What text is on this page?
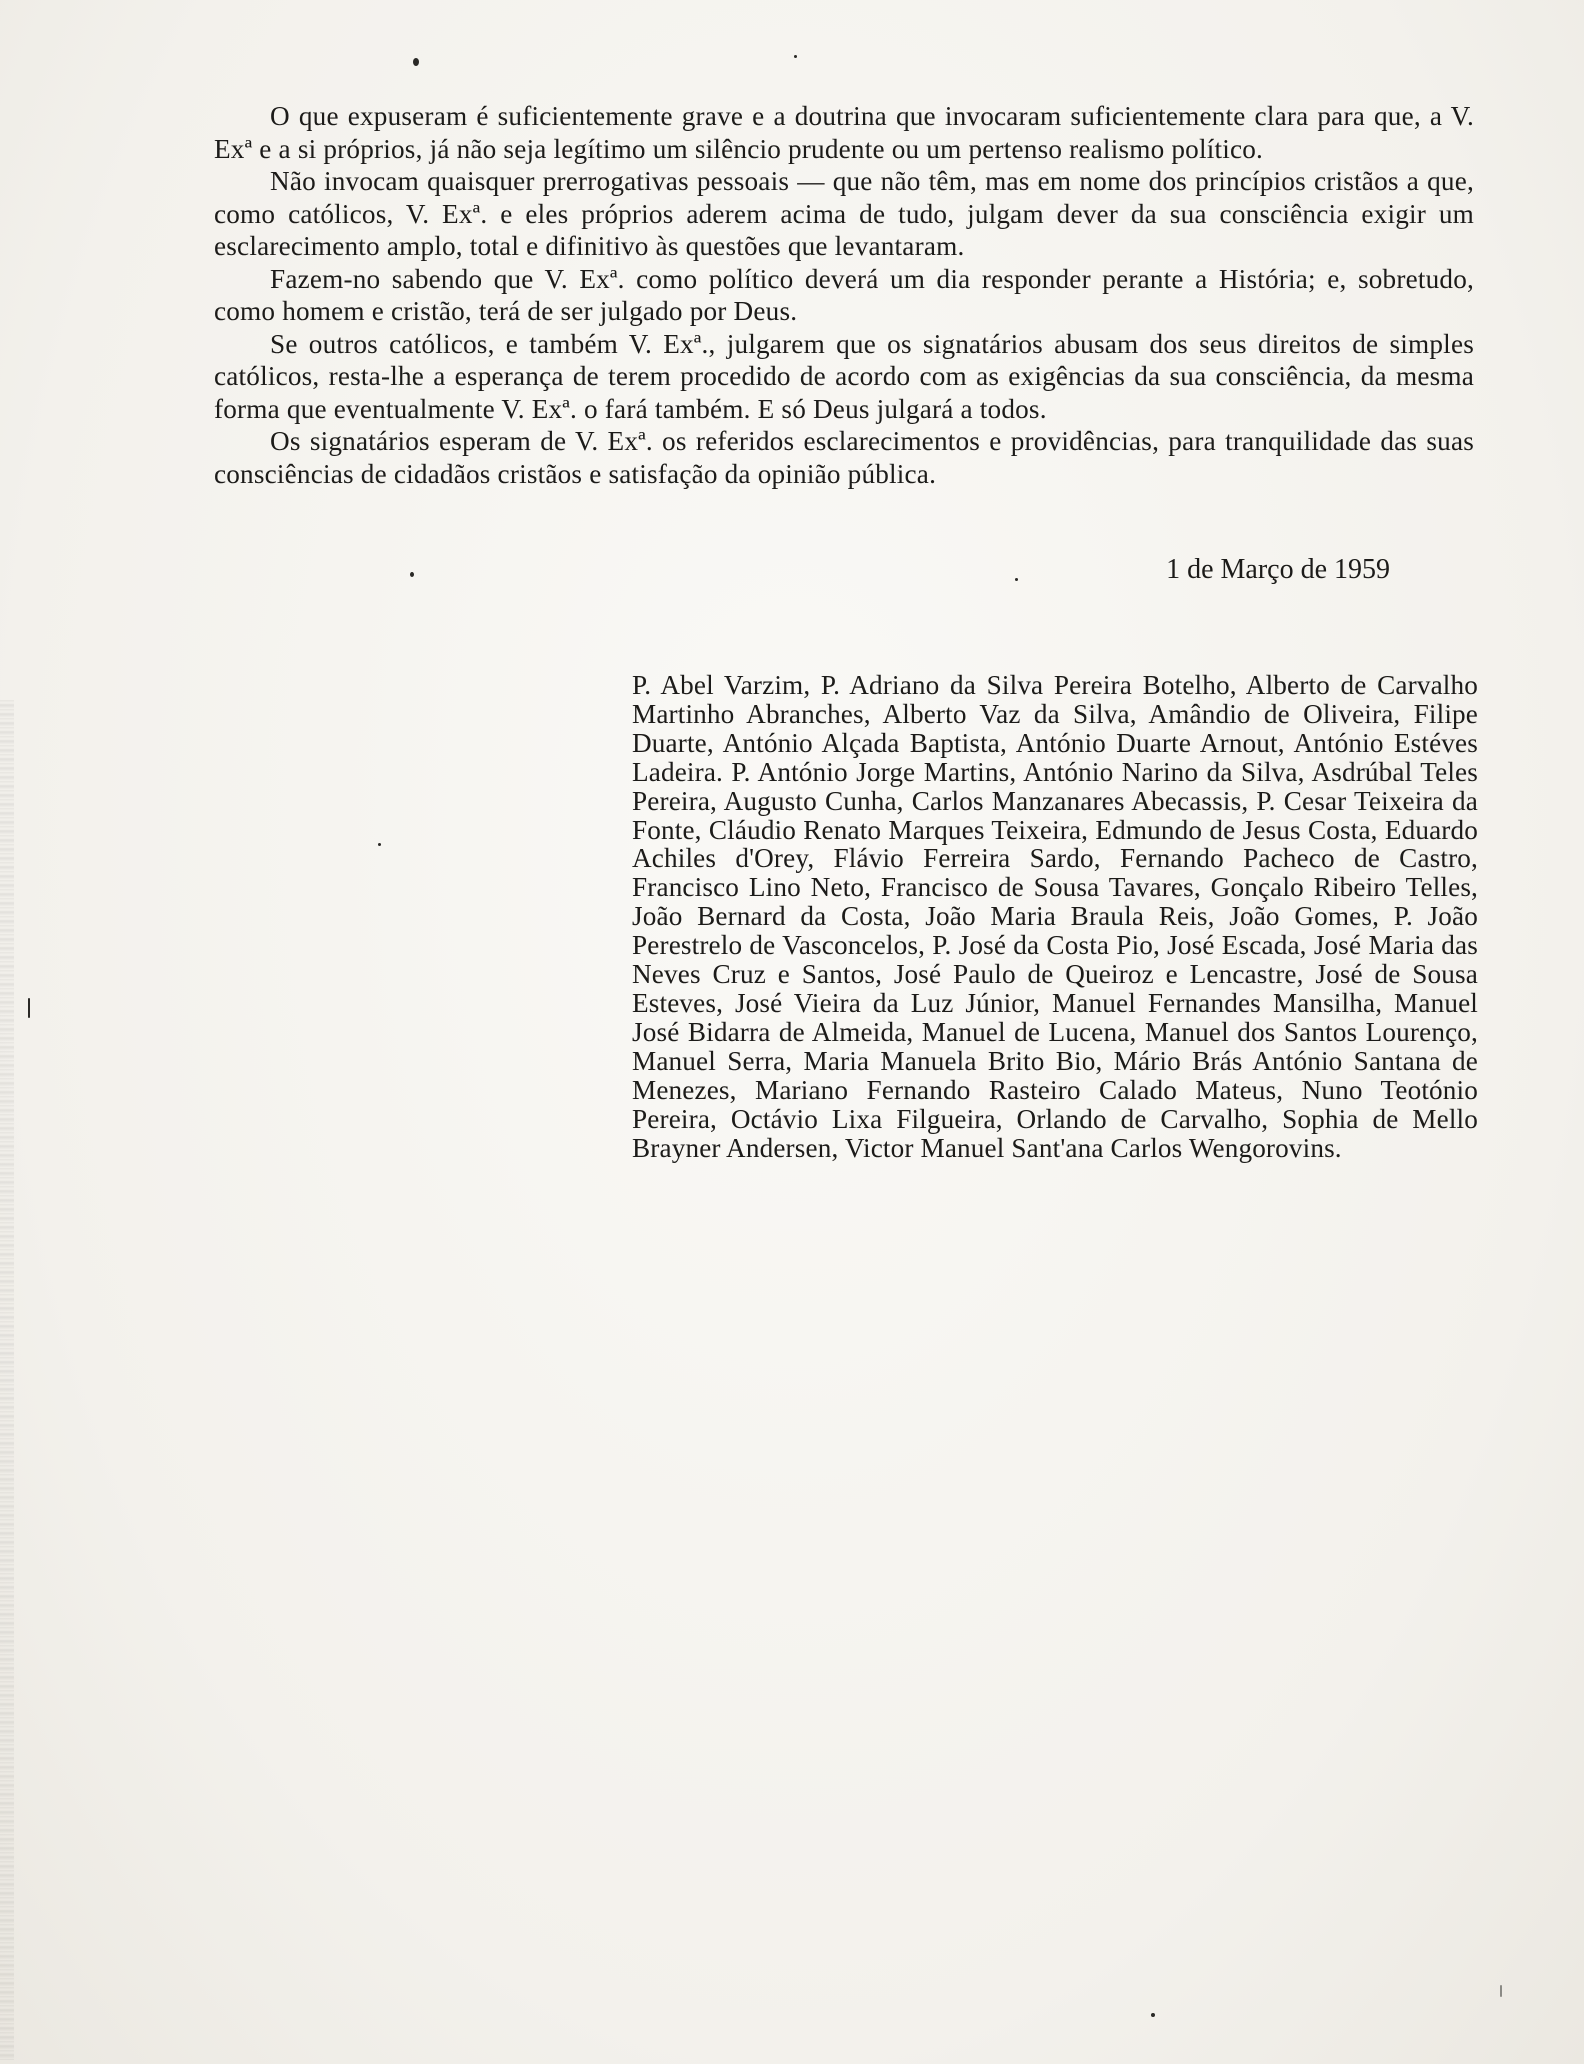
O que expuseram é suficientemente grave e a doutrina que invocaram suficientemente clara para que, a V. Exª e a si próprios, já não seja legítimo um silêncio prudente ou um pertenso realismo político.

Não invocam quaisquer prerrogativas pessoais — que não têm, mas em nome dos princípios cristãos a que, como católicos, V. Exª. e eles próprios aderem acima de tudo, julgam dever da sua consciência exigir um esclarecimento amplo, total e difinitivo às questões que levantaram.

Fazem-no sabendo que V. Exª. como político deverá um dia responder perante a História; e, sobretudo, como homem e cristão, terá de ser julgado por Deus.

Se outros católicos, e também V. Exª., julgarem que os signatários abusam dos seus direitos de simples católicos, resta-lhe a esperança de terem procedido de acordo com as exigências da sua consciência, da mesma forma que eventualmente V. Exª. o fará também. E só Deus julgará a todos.

Os signatários esperam de V. Exª. os referidos esclarecimentos e providências, para tranquilidade das suas consciências de cidadãos cristãos e satisfação da opinião pública.

1 de Março de 1959
P. Abel Varzim, P. Adriano da Silva Pereira Botelho, Alberto de Carvalho Martinho Abranches, Alberto Vaz da Silva, Amândio de Oliveira, Filipe Duarte, António Alçada Baptista, António Duarte Arnout, António Estéves Ladeira. P. António Jorge Martins, António Narino da Silva, Asdrúbal Teles Pereira, Augusto Cunha, Carlos Manzanares Abecassis, P. Cesar Teixeira da Fonte, Cláudio Renato Marques Teixeira, Edmundo de Jesus Costa, Eduardo Achiles d'Orey, Flávio Ferreira Sardo, Fernando Pacheco de Castro, Francisco Lino Neto, Francisco de Sousa Tavares, Gonçalo Ribeiro Telles, João Bernard da Costa, João Maria Braula Reis, João Gomes, P. João Perestrelo de Vasconcelos, P. José da Costa Pio, José Escada, José Maria das Neves Cruz e Santos, José Paulo de Queiroz e Lencastre, José de Sousa Esteves, José Vieira da Luz Júnior, Manuel Fernandes Mansilha, Manuel José Bidarra de Almeida, Manuel de Lucena, Manuel dos Santos Lourenço, Manuel Serra, Maria Manuela Brito Bio, Mário Brás António Santana de Menezes, Mariano Fernando Rasteiro Calado Mateus, Nuno Teotónio Pereira, Octávio Lixa Filgueira, Orlando de Carvalho, Sophia de Mello Brayner Andersen, Victor Manuel Sant'ana Carlos Wengorovins.
